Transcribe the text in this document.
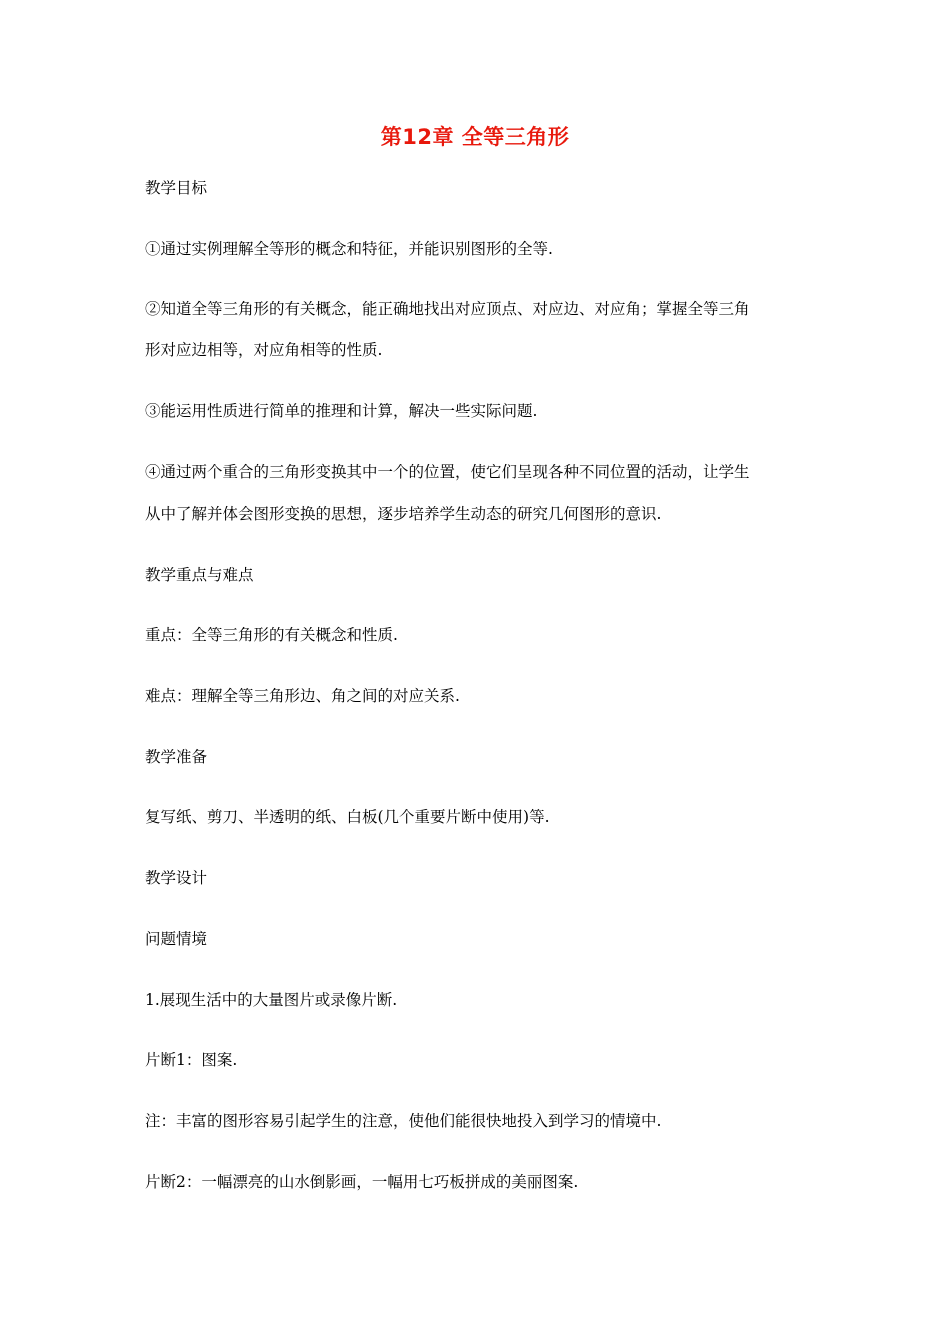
第12章 全等三角形
教学目标
①通过实例理解全等形的概念和特征，并能识别图形的全等.
②知道全等三角形的有关概念，能正确地找出对应顶点、对应边、对应角；掌握全等三角
形对应边相等，对应角相等的性质.
③能运用性质进行简单的推理和计算，解决一些实际问题.
④通过两个重合的三角形变换其中一个的位置，使它们呈现各种不同位置的活动，让学生
从中了解并体会图形变换的思想，逐步培养学生动态的研究几何图形的意识.
教学重点与难点
重点：全等三角形的有关概念和性质.
难点：理解全等三角形边、角之间的对应关系.
教学准备
复写纸、剪刀、半透明的纸、白板(几个重要片断中使用)等.
教学设计
问题情境
1.展现生活中的大量图片或录像片断.
片断1：图案.
注：丰富的图形容易引起学生的注意，使他们能很快地投入到学习的情境中.
片断2：一幅漂亮的山水倒影画，一幅用七巧板拼成的美丽图案.
